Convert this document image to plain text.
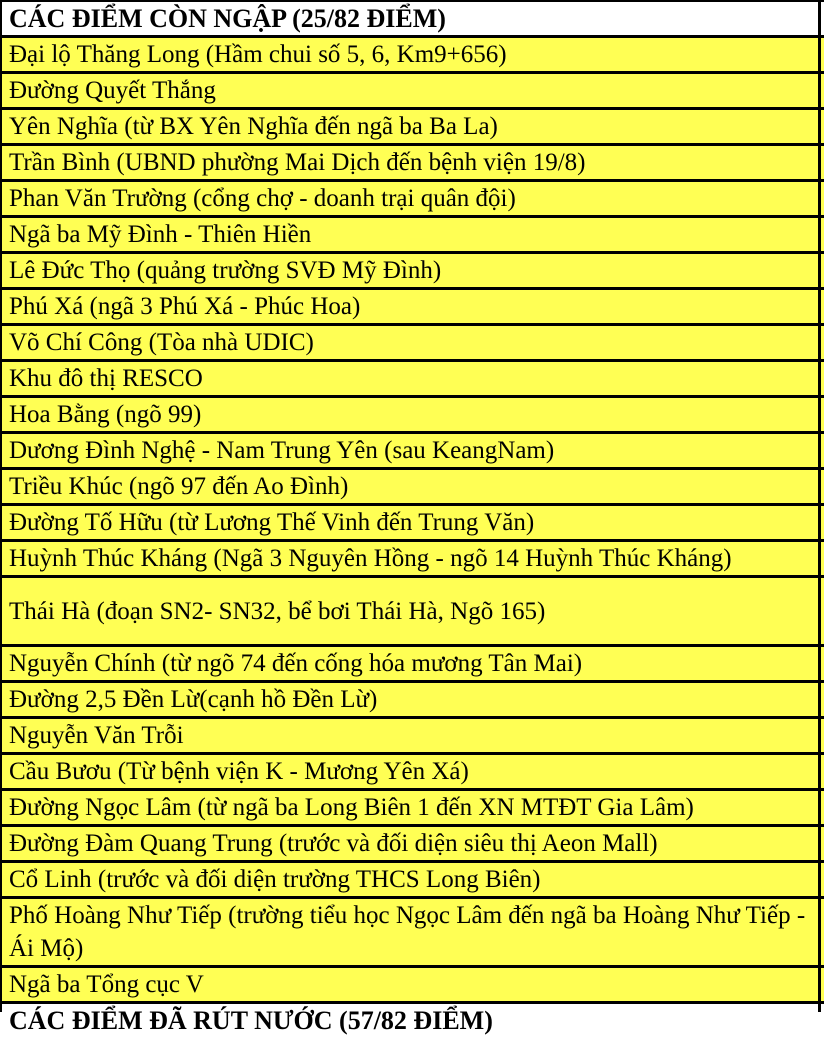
CÁC ĐIỂM CÒN NGẬP (25/82 ĐIỂM)
Đại lộ Thăng Long (Hầm chui số 5, 6, Km9+656)
Đường Quyết Thắng
Yên Nghĩa (từ BX Yên Nghĩa đến ngã ba Ba La)
Trần Bình (UBND phường Mai Dịch đến bệnh viện 19/8)
Phan Văn Trường (cổng chợ - doanh trại quân đội)
Ngã ba Mỹ Đình - Thiên Hiền
Lê Đức Thọ (quảng trường SVĐ Mỹ Đình)
Phú Xá (ngã 3 Phú Xá - Phúc Hoa)
Võ Chí Công (Tòa nhà UDIC)
Khu đô thị RESCO
Hoa Bằng (ngõ 99)
Dương Đình Nghệ - Nam Trung Yên (sau KeangNam)
Triều Khúc (ngõ 97 đến Ao Đình)
Đường Tố Hữu (từ Lương Thế Vinh đến Trung Văn)
Huỳnh Thúc Kháng (Ngã 3 Nguyên Hồng - ngõ 14 Huỳnh Thúc Kháng)
Thái Hà (đoạn SN2- SN32, bể bơi Thái Hà, Ngõ 165)
Nguyễn Chính (từ ngõ 74 đến cống hóa mương Tân Mai)
Đường 2,5 Đền Lừ(cạnh hồ Đền Lừ)
Nguyễn Văn Trỗi
Cầu Bươu (Từ bệnh viện K - Mương Yên Xá)
Đường Ngọc Lâm (từ ngã ba Long Biên 1 đến XN MTĐT Gia Lâm)
Đường Đàm Quang Trung (trước và đối diện siêu thị Aeon Mall)
Cổ Linh (trước và đối diện trường THCS Long Biên)
Phố Hoàng Như Tiếp (trường tiểu học Ngọc Lâm đến ngã ba Hoàng Như Tiếp - Ái Mộ)
Ngã ba Tổng cục V
CÁC ĐIỂM ĐÃ RÚT NƯỚC (57/82 ĐIỂM)
